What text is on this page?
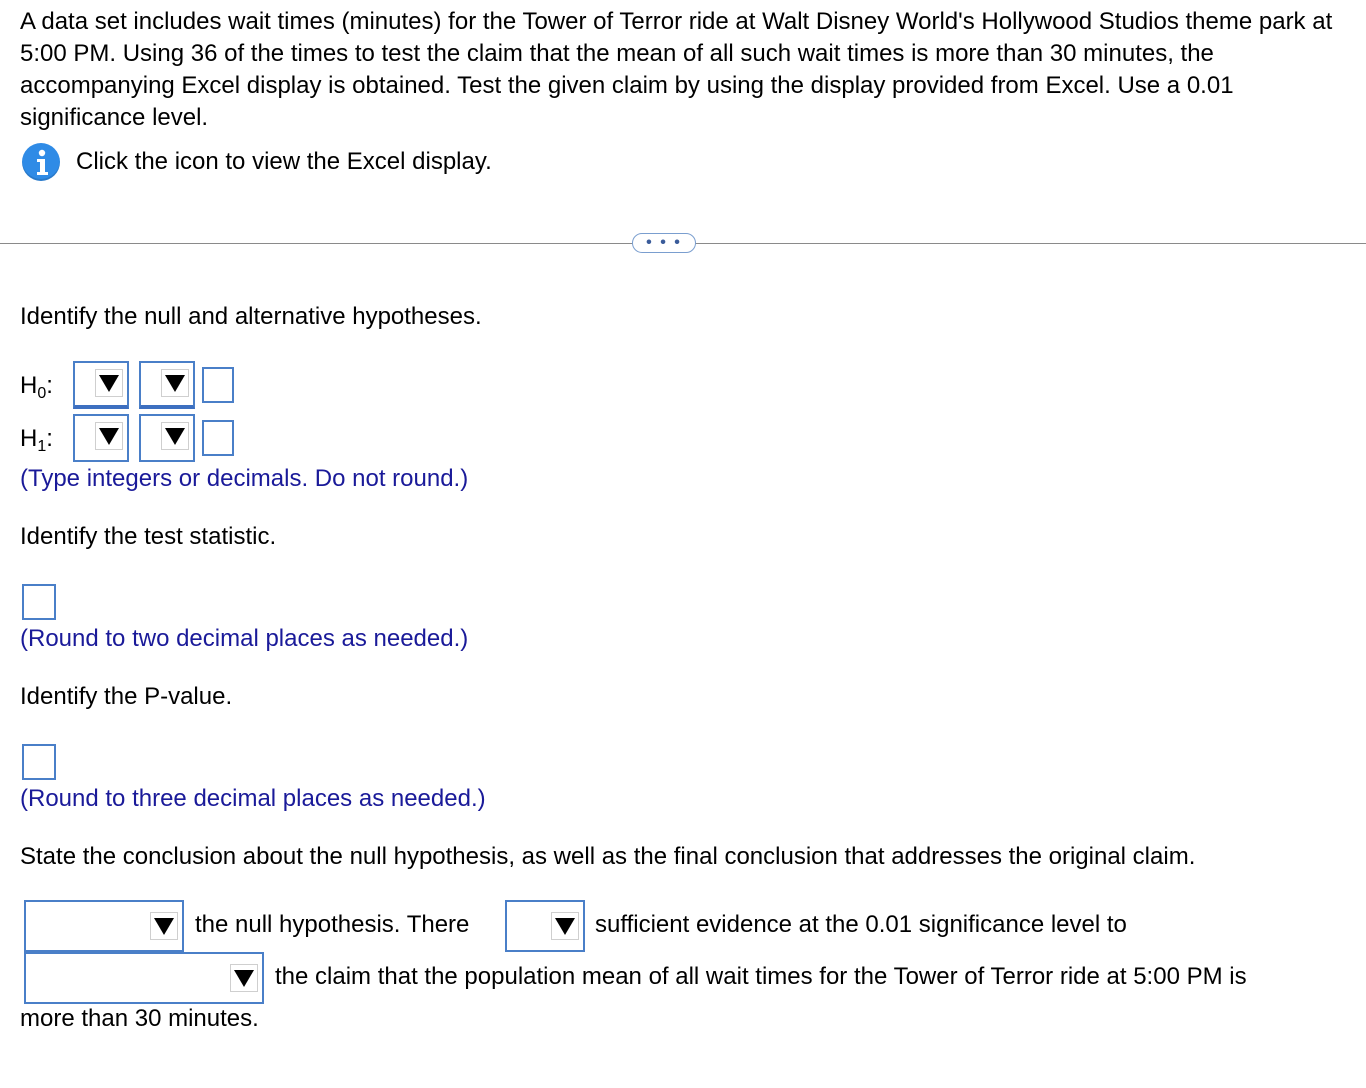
A data set includes wait times (minutes) for the Tower of Terror ride at Walt Disney World's Hollywood Studios theme park at 5:00 PM. Using 36 of the times to test the claim that the mean of all such wait times is more than 30 minutes, the accompanying Excel display is obtained. Test the given claim by using the display provided from Excel. Use a 0.01 significance level.
Click the icon to view the Excel display.
• • •
Identify the null and alternative hypotheses.
$H_0$:
$H_1$:
(Type integers or decimals. Do not round.)
Identify the test statistic.
(Round to two decimal places as needed.)
Identify the P-value.
(Round to three decimal places as needed.)
State the conclusion about the null hypothesis, as well as the final conclusion that addresses the original claim.
the null hypothesis. There	sufficient evidence at the 0.01 significance level to
the claim that the population mean of all wait times for the Tower of Terror ride at 5:00 PM is
more than 30 minutes.
